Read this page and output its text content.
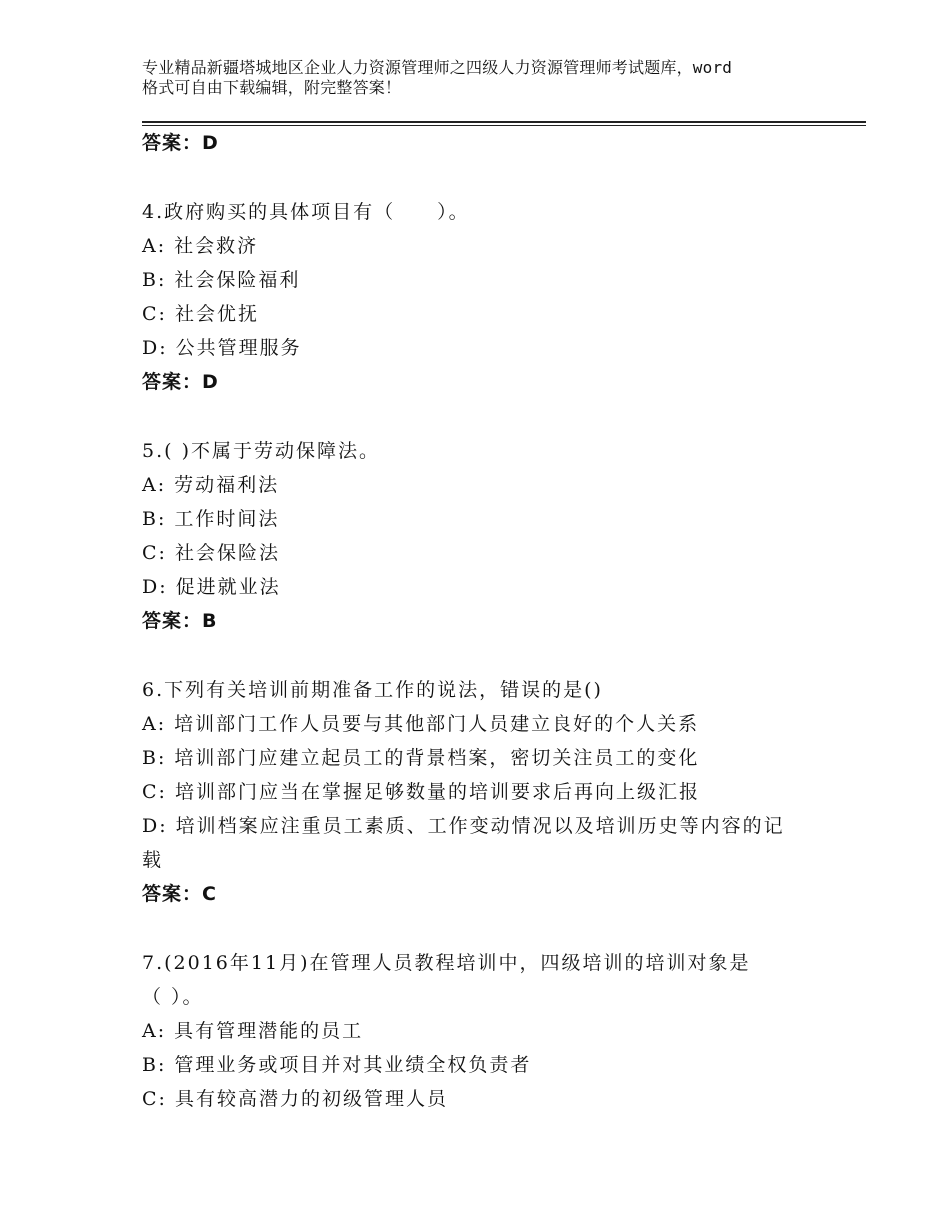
专业精品新疆塔城地区企业人力资源管理师之四级人力资源管理师考试题库，word
格式可自由下载编辑，附完整答案！
答案：D
4.政府购买的具体项目有（　　）。
A: 社会救济
B: 社会保险福利
C: 社会优抚
D: 公共管理服务
答案：D
5.( )不属于劳动保障法。
A: 劳动福利法
B: 工作时间法
C: 社会保险法
D: 促进就业法
答案：B
6.下列有关培训前期准备工作的说法，错误的是()
A: 培训部门工作人员要与其他部门人员建立良好的个人关系
B: 培训部门应建立起员工的背景档案，密切关注员工的变化
C: 培训部门应当在掌握足够数量的培训要求后再向上级汇报
D: 培训档案应注重员工素质、工作变动情况以及培训历史等内容的记
载
答案：C
7.(2016年11月)在管理人员教程培训中，四级培训的培训对象是
（ ）。
A: 具有管理潜能的员工
B: 管理业务或项目并对其业绩全权负责者
C: 具有较高潜力的初级管理人员
